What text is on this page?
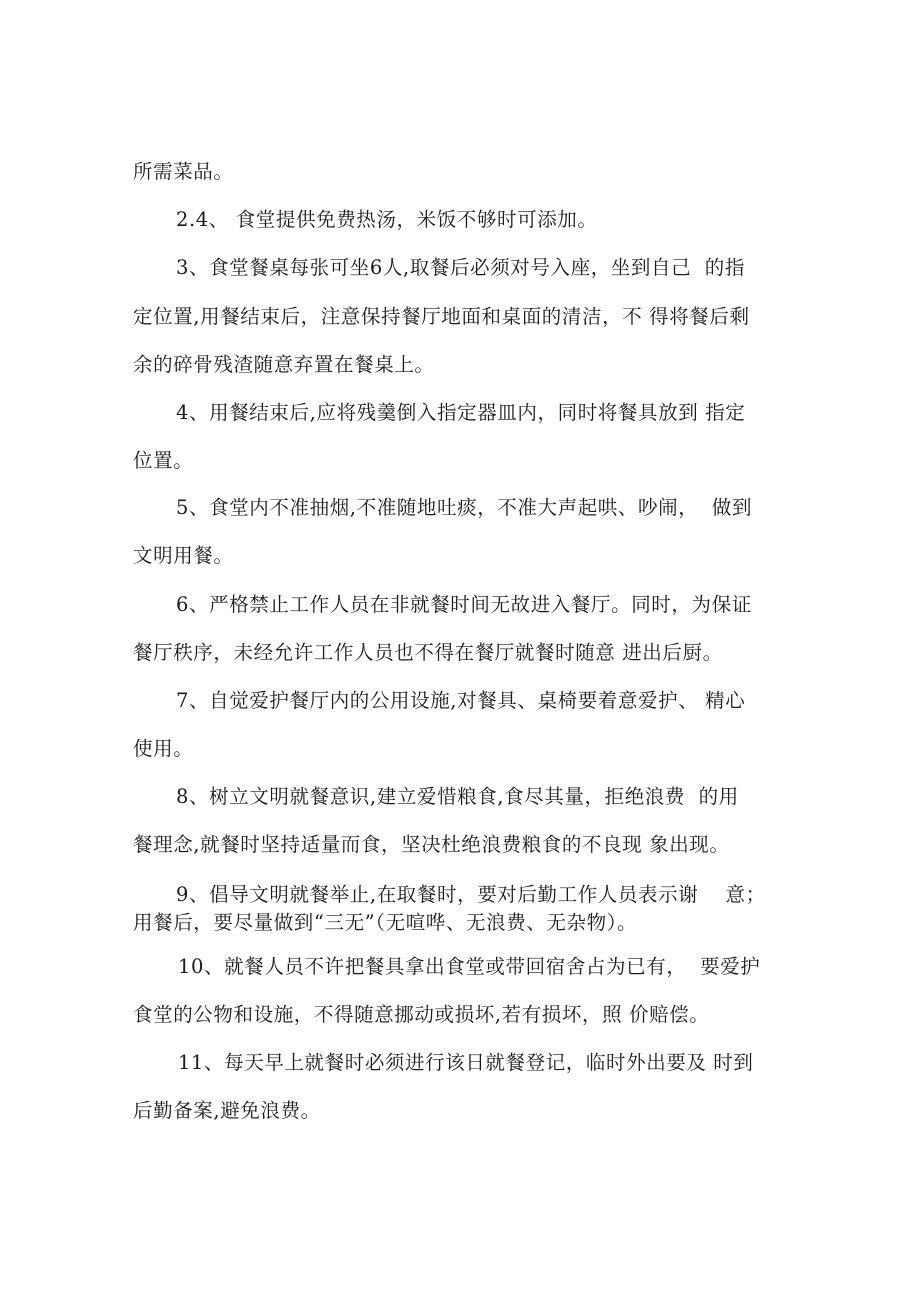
所需菜品。
2.4、 食堂提供免费热汤，米饭不够时可添加。
3、食堂餐桌每张可坐6人,取餐后必须对号入座，坐到自己  的指
定位置,用餐结束后，注意保持餐厅地面和桌面的清洁，不 得将餐后剩
余的碎骨残渣随意弃置在餐桌上。
4、用餐结束后,应将残羹倒入指定器皿内，同时将餐具放到 指定
位置。
5、食堂内不准抽烟,不准随地吐痰，不准大声起哄、吵闹，  做到
文明用餐。
6、严格禁止工作人员在非就餐时间无故进入餐厅。同时，为保证
餐厅秩序，未经允许工作人员也不得在餐厅就餐时随意 进出后厨。
7、自觉爱护餐厅内的公用设施,对餐具、桌椅要着意爱护、 精心
使用。
8、树立文明就餐意识,建立爱惜粮食,食尽其量，拒绝浪费  的用
餐理念,就餐时坚持适量而食，坚决杜绝浪费粮食的不良现 象出现。
9、倡导文明就餐举止,在取餐时，要对后勤工作人员表示谢    意；
用餐后，要尽量做到“三无”（无喧哗、无浪费、无杂物）。
10、就餐人员不许把餐具拿出食堂或带回宿舍占为已有，  要爱护
食堂的公物和设施，不得随意挪动或损坏,若有损坏，照 价赔偿。
11、每天早上就餐时必须进行该日就餐登记，临时外出要及 时到
后勤备案,避免浪费。
